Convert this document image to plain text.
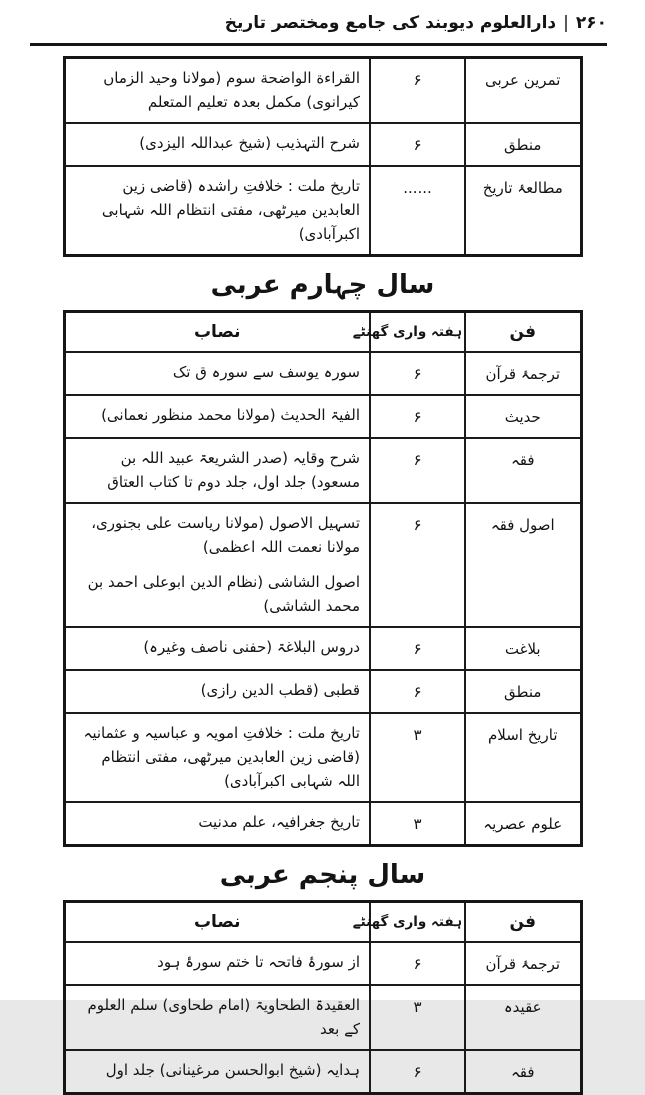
۲۶۰|دارالعلوم دیوبند کی جامع ومختصر تاریخ
تمرین عربی	۶	القراءة الواضحة سوم (مولانا وحید الزماں کیرانوی) مکمل بعدہ تعلیم المتعلم

منطق	۶	شرح التہذیب (شیخ عبداللہ الیزدی)

مطالعۂ تاریخ	......	تاریخ ملت : خلافتِ راشدہ (قاضی زین العابدین میرٹھی، مفتی انتظام اللہ شہابی اکبرآبادی)
سال چہارم عربی
فن	ہفتہ واری گھنٹے	نصاب
ترجمۂ قرآن	۶	سورہ یوسف سے سورہ ق تک

حدیث	۶	الفیۃ الحدیث (مولانا محمد منظور نعمانی)

فقہ	۶	شرح وقایہ (صدر الشریعۃ عبید اللہ بن مسعود) جلد اول، جلد دوم تا کتاب العتاق

اصول فقہ	۶	تسہیل الاصول (مولانا ریاست علی بجنوری، مولانا نعمت اللہ اعظمی)
اصول الشاشی (نظام الدین ابوعلی احمد بن محمد الشاشی)

بلاغت	۶	دروس البلاغۃ (حفنی ناصف وغیرہ)

منطق	۶	قطبی (قطب الدین رازی)

تاریخ اسلام	۳	تاریخ ملت : خلافتِ امویہ و عباسیہ و عثمانیہ (قاضی زین العابدین میرٹھی، مفتی انتظام اللہ شہابی اکبرآبادی)

علوم عصریہ	۳	تاریخ جغرافیہ، علم مدنیت
سال پنجم عربی
فن	ہفتہ واری گھنٹے	نصاب
ترجمۂ قرآن	۶	از سورۂ فاتحہ تا ختم سورۂ ہود

عقیدہ	۳	العقیدۃ الطحاویۃ (امام طحاوی) سلم العلوم کے بعد

فقہ	۶	ہدایہ (شیخ ابوالحسن مرغینانی) جلد اول
